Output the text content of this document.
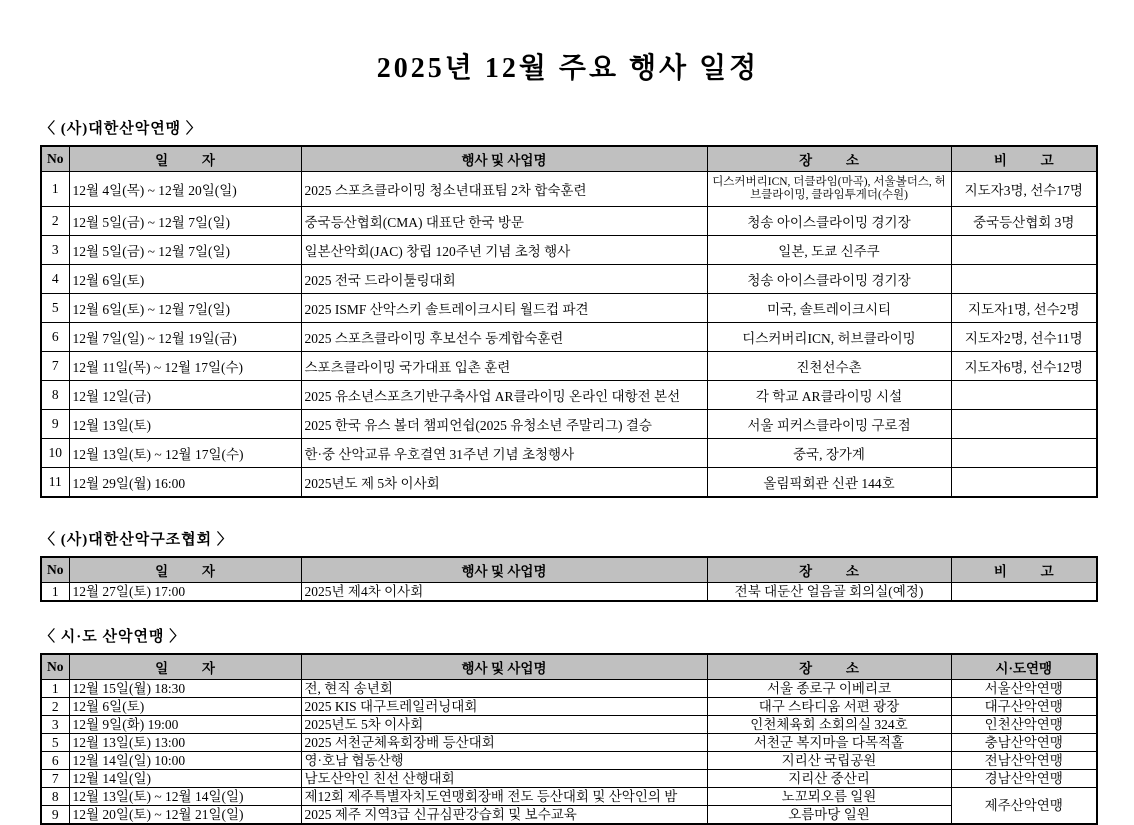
2025년 12월 주요 행사 일정
〈 (사)대한산악연맹 〉
No	일          자	행사 및 사업명	장          소	비          고
1	12월 4일(목) ~ 12월 20일(일)	2025 스포츠클라이밍 청소년대표팀 2차 합숙훈련	디스커버리ICN, 더클라임(마곡), 서울볼더스, 허브클라이밍, 클라임투게더(수원)	지도자3명, 선수17명
2	12월 5일(금) ~ 12월 7일(일)	중국등산협회(CMA) 대표단 한국 방문	청송 아이스클라이밍 경기장	중국등산협회 3명
3	12월 5일(금) ~ 12월 7일(일)	일본산악회(JAC) 창립 120주년 기념 초청 행사	일본, 도쿄 신주쿠	
4	12월 6일(토)	2025 전국 드라이툴링대회	청송 아이스클라이밍 경기장	
5	12월 6일(토) ~ 12월 7일(일)	2025 ISMF 산악스키 솔트레이크시티 월드컵 파견	미국, 솔트레이크시티	지도자1명, 선수2명
6	12월 7일(일) ~ 12월 19일(금)	2025 스포츠클라이밍 후보선수 동계합숙훈련	디스커버리ICN, 허브클라이밍	지도자2명, 선수11명
7	12월 11일(목) ~ 12월 17일(수)	스포츠클라이밍 국가대표 입촌 훈련	진천선수촌	지도자6명, 선수12명
8	12월 12일(금)	2025 유소년스포츠기반구축사업 AR클라이밍 온라인 대항전 본선	각 학교 AR클라이밍 시설	
9	12월 13일(토)	2025 한국 유스 볼더 챔피언쉽(2025 유청소년 주말리그) 결승	서울 피커스클라이밍 구로점	
10	12월 13일(토) ~ 12월 17일(수)	한·중 산악교류 우호결연 31주년 기념 초청행사	중국, 장가계	
11	12월 29일(월) 16:00	2025년도 제 5차 이사회	올림픽회관 신관 144호	
〈 (사)대한산악구조협회 〉
No	일          자	행사 및 사업명	장          소	비          고
1	12월 27일(토) 17:00	2025년 제4차 이사회	전북 대둔산 얼음골 회의실(예정)	
〈 시·도 산악연맹 〉
No	일          자	행사 및 사업명	장          소	시·도연맹
1	12월 15일(월) 18:30	전, 현직 송년회	서울 종로구 이베리코	서울산악연맹
2	12월 6일(토)	2025 KIS 대구트레일러닝대회	대구 스타디움 서편 광장	대구산악연맹
3	12월 9일(화) 19:00	2025년도 5차 이사회	인천체육회 소회의실 324호	인천산악연맹
5	12월 13일(토) 13:00	2025 서천군체육회장배 등산대회	서천군 복지마을 다목적홀	충남산악연맹
6	12월 14일(일) 10:00	영·호남 협동산행	지리산 국립공원	전남산악연맹
7	12월 14일(일)	남도산악인 친선 산행대회	지리산 중산리	경남산악연맹
8	12월 13일(토) ~ 12월 14일(일)	제12회 제주특별자치도연맹회장배 전도 등산대회 및 산악인의 밤	노꼬뫼오름 일원	제주산악연맹
9	12월 20일(토) ~ 12월 21일(일)	2025 제주 지역3급 신규심판강습회 및 보수교육	오름마당 일원	
